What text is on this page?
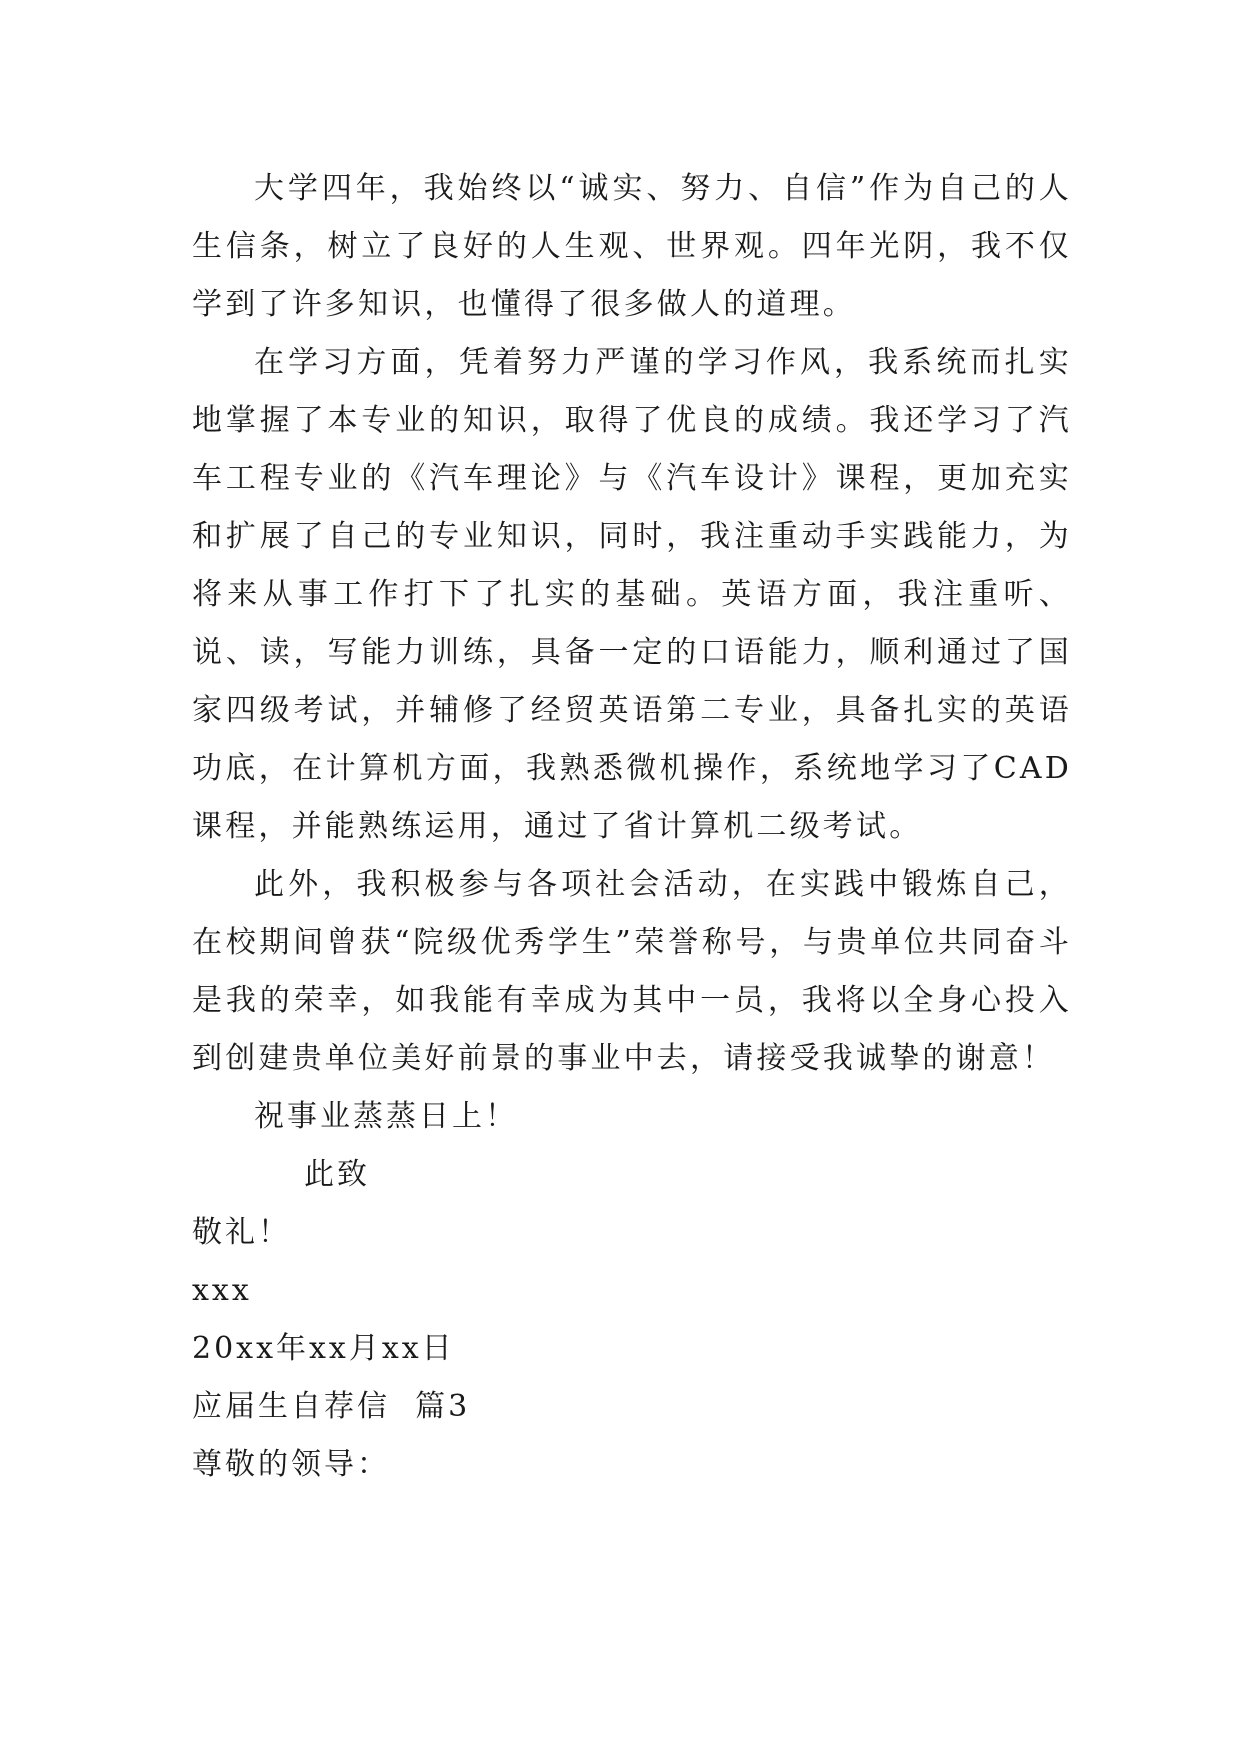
大学四年，我始终以“诚实、努力、自信”作为自己的人生信条，树立了良好的人生观、世界观。四年光阴，我不仅学到了许多知识，也懂得了很多做人的道理。

在学习方面，凭着努力严谨的学习作风，我系统而扎实地掌握了本专业的知识，取得了优良的成绩。我还学习了汽车工程专业的《汽车理论》与《汽车设计》课程，更加充实和扩展了自己的专业知识，同时，我注重动手实践能力，为将来从事工作打下了扎实的基础。英语方面，我注重听、说、读，写能力训练，具备一定的口语能力，顺利通过了国家四级考试，并辅修了经贸英语第二专业，具备扎实的英语功底，在计算机方面，我熟悉微机操作，系统地学习了CAD课程，并能熟练运用，通过了省计算机二级考试。

此外，我积极参与各项社会活动，在实践中锻炼自己，在校期间曾获“院级优秀学生”荣誉称号，与贵单位共同奋斗是我的荣幸，如我能有幸成为其中一员，我将以全身心投入到创建贵单位美好前景的事业中去，请接受我诚挚的谢意！

祝事业蒸蒸日上！

此致

敬礼！

xxx

20xx年xx月xx日

应届生自荐信  篇3

尊敬的领导：
